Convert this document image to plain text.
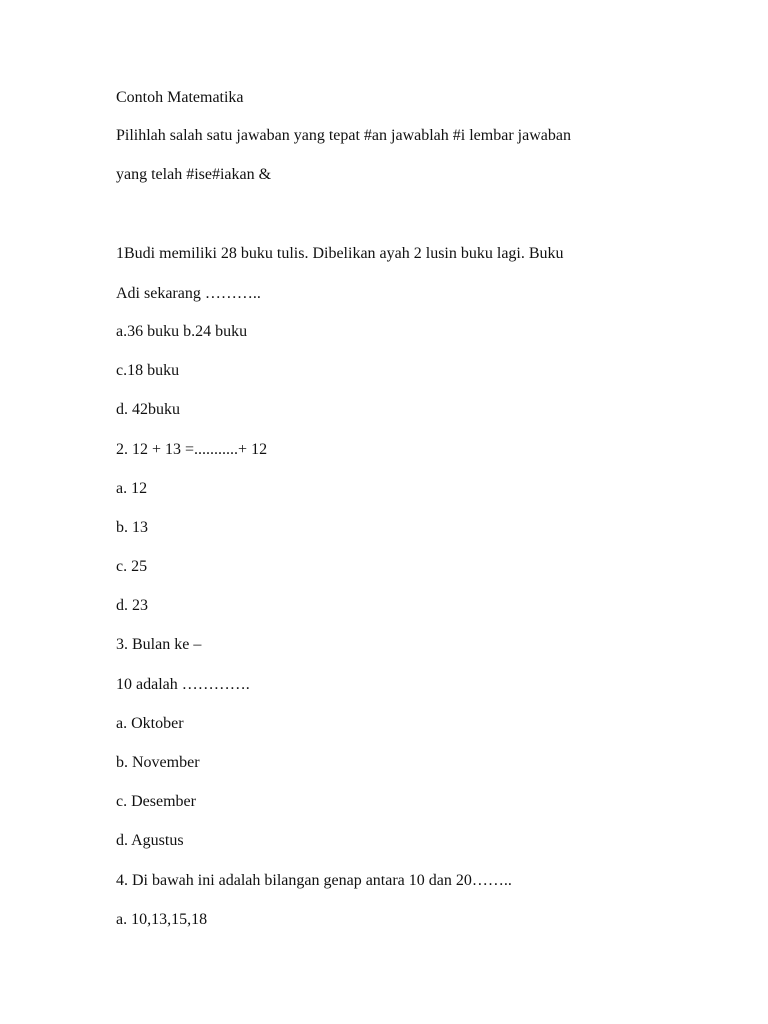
Contoh Matematika
Pilihlah salah satu jawaban yang tepat #an jawablah #i lembar jawaban
yang telah #ise#iakan &
1Budi memiliki 28 buku tulis. Dibelikan ayah 2 lusin buku lagi. Buku
Adi sekarang ………..
a.36 buku b.24 buku
c.18 buku
d. 42buku
2. 12 + 13 =...........+ 12
a. 12
b. 13
c. 25
d. 23
3. Bulan ke –
10 adalah ………….
a. Oktober
b. November
c. Desember
d. Agustus
4. Di bawah ini adalah bilangan genap antara 10 dan 20……..
a. 10,13,15,18
